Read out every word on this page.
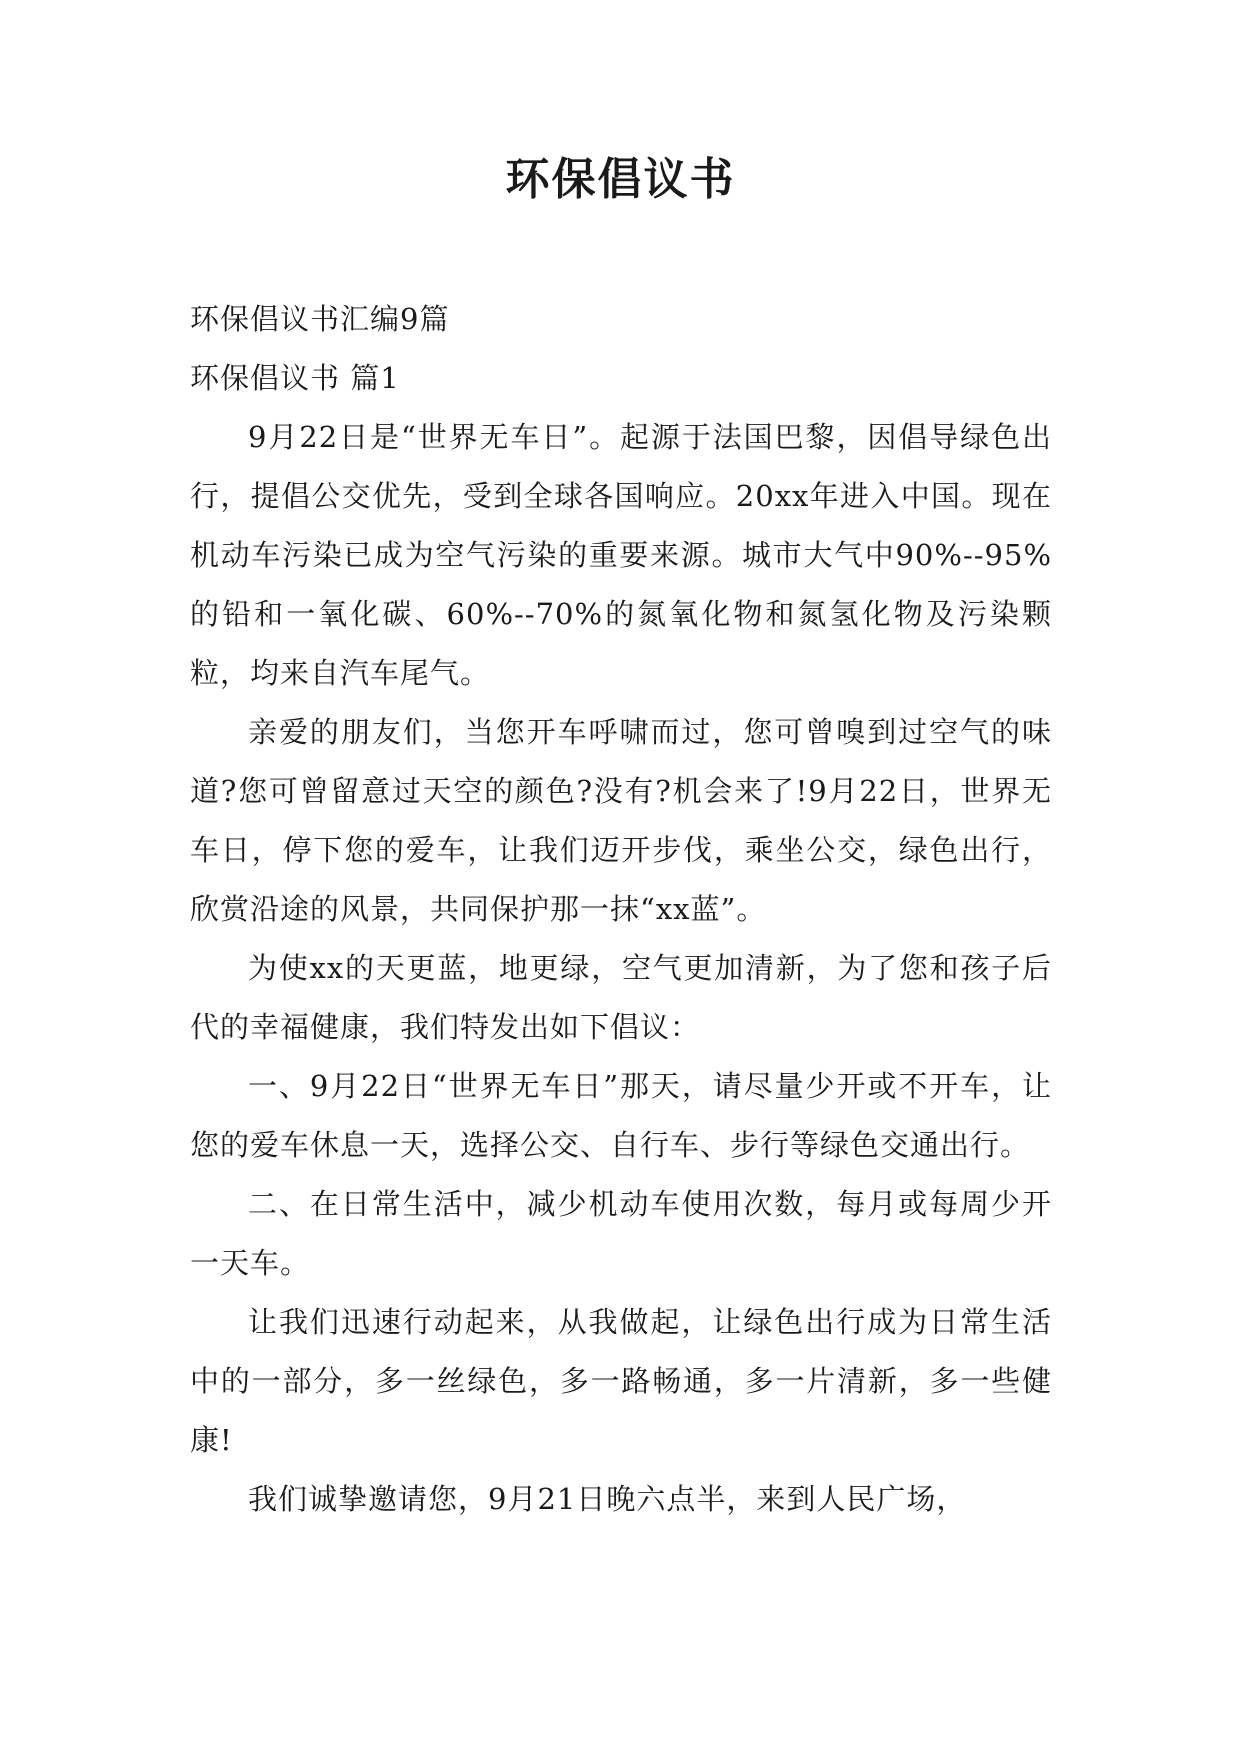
环保倡议书

环保倡议书汇编9篇

环保倡议书 篇1

9月22日是“世界无车日”。起源于法国巴黎，因倡导绿色出行，提倡公交优先，受到全球各国响应。20xx年进入中国。现在机动车污染已成为空气污染的重要来源。城市大气中90%--95%的铅和一氧化碳、60%--70%的氮氧化物和氮氢化物及污染颗粒，均来自汽车尾气。

亲爱的朋友们，当您开车呼啸而过，您可曾嗅到过空气的味道?您可曾留意过天空的颜色?没有?机会来了!9月22日，世界无车日，停下您的爱车，让我们迈开步伐，乘坐公交，绿色出行，欣赏沿途的风景，共同保护那一抹“xx蓝”。

为使xx的天更蓝，地更绿，空气更加清新，为了您和孩子后代的幸福健康，我们特发出如下倡议：

一、9月22日“世界无车日”那天，请尽量少开或不开车，让您的爱车休息一天，选择公交、自行车、步行等绿色交通出行。

二、在日常生活中，减少机动车使用次数，每月或每周少开一天车。

让我们迅速行动起来，从我做起，让绿色出行成为日常生活中的一部分，多一丝绿色，多一路畅通，多一片清新，多一些健康!

我们诚挚邀请您，9月21日晚六点半，来到人民广场，
